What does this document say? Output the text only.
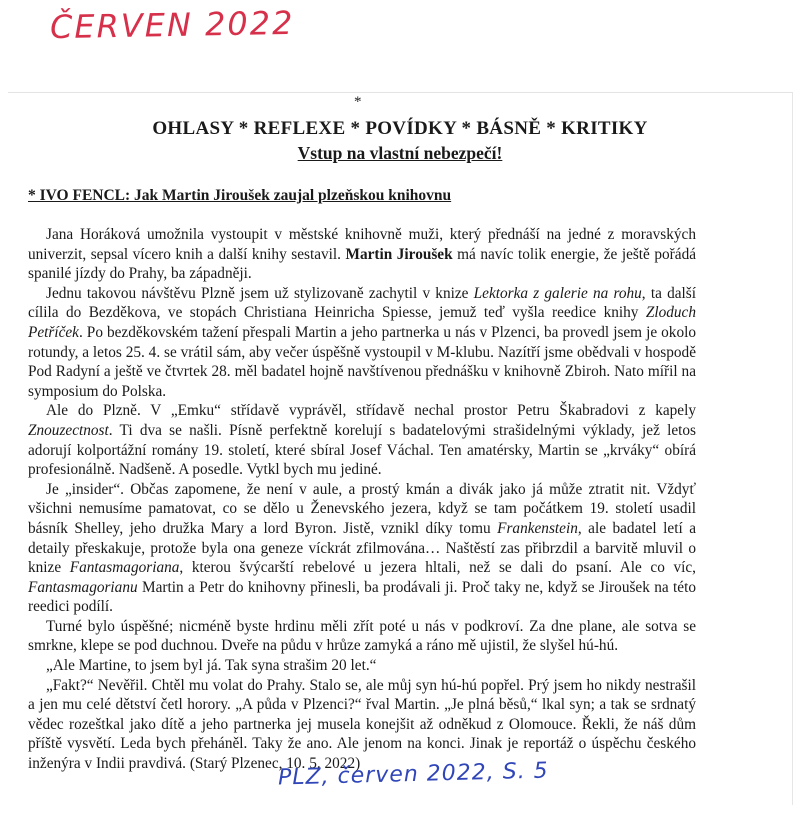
ČERVEN 2022
*
OHLASY * REFLEXE * POVÍDKY * BÁSNĚ * KRITIKY
Vstup na vlastní nebezpečí!
* IVO FENCL: Jak Martin Jiroušek zaujal plzeňskou knihovnu

Jana Horáková umožnila vystoupit v městské knihovně muži, který přednáší na jedné z moravských univerzit, sepsal vícero knih a další knihy sestavil. Martin Jiroušek má navíc tolik energie, že ještě pořádá spanilé jízdy do Prahy, ba západněji.

Jednu takovou návštěvu Plzně jsem už stylizovaně zachytil v knize Lektorka z galerie na rohu, ta další cílila do Bezděkova, ve stopách Christiana Heinricha Spiesse, jemuž teď vyšla reedice knihy Zloduch Petříček. Po bezděkovském tažení přespali Martin a jeho partnerka u nás v Plzenci, ba provedl jsem je okolo rotundy, a letos 25. 4. se vrátil sám, aby večer úspěšně vystoupil v M-klubu. Nazítří jsme obědvali v hospodě Pod Radyní a ještě ve čtvrtek 28. měl badatel hojně navštívenou přednášku v knihovně Zbiroh. Nato mířil na symposium do Polska.

Ale do Plzně. V „Emku“ střídavě vyprávěl, střídavě nechal prostor Petru Škabradovi z kapely Znouzectnost. Ti dva se našli. Písně perfektně korelují s badatelovými strašidelnými výklady, jež letos adorují kolportážní romány 19. století, které sbíral Josef Váchal. Ten amatérsky, Martin se „krváky“ obírá profesionálně. Nadšeně. A posedle. Vytkl bych mu jediné.

Je „insider“. Občas zapomene, že není v aule, a prostý kmán a divák jako já může ztratit nit. Vždyť všichni nemusíme pamatovat, co se dělo u Ženevského jezera, když se tam počátkem 19. století usadil básník Shelley, jeho družka Mary a lord Byron. Jistě, vznikl díky tomu Frankenstein, ale badatel letí a detaily přeskakuje, protože byla ona geneze víckrát zfilmována… Naštěstí zas přibrzdil a barvitě mluvil o knize Fantasmagoriana, kterou švýcarští rebelové u jezera hltali, než se dali do psaní. Ale co víc, Fantasmagorianu Martin a Petr do knihovny přinesli, ba prodávali ji. Proč taky ne, když se Jiroušek na této reedici podílí.

Turné bylo úspěšné; nicméně byste hrdinu měli zřít poté u nás v podkroví. Za dne plane, ale sotva se smrkne, klepe se pod duchnou. Dveře na půdu v hrůze zamyká a ráno mě ujistil, že slyšel hú-hú.

„Ale Martine, to jsem byl já. Tak syna strašim 20 let.“

„Fakt?“ Nevěřil. Chtěl mu volat do Prahy. Stalo se, ale můj syn hú-hú popřel. Prý jsem ho nikdy nestrašil a jen mu celé dětství četl horory. „A půda v Plzenci?“ řval Martin. „Je plná běsů,“ lkal syn; a tak se srdnatý vědec rozeštkal jako dítě a jeho partnerka jej musela konejšit až odněkud z Olomouce. Řekli, že náš dům příště vysvětí. Leda bych přeháněl. Taky že ano. Ale jenom na konci. Jinak je reportáž o úspěchu českého inženýra v Indii pravdivá. (Starý Plzenec, 10. 5. 2022)

PLZ, červen 2022, S. 5
